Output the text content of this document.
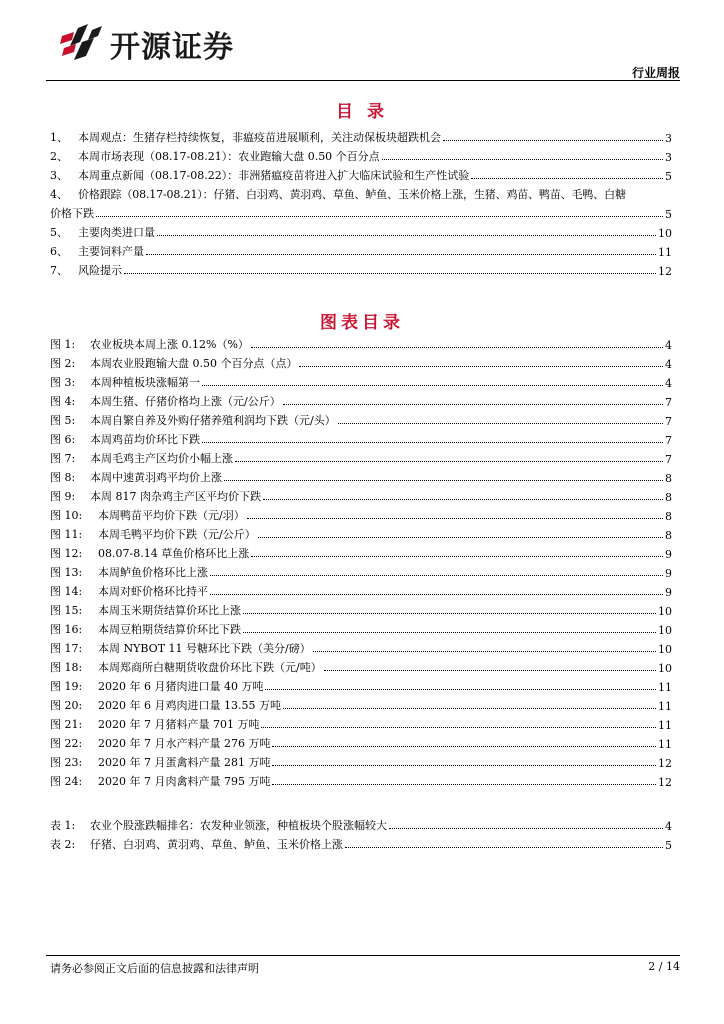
开源证券
行业周报
目 录
1、 本周观点：生猪存栏持续恢复，非瘟疫苗进展顺利，关注动保板块超跌机会	3
2、 本周市场表现（08.17-08.21）：农业跑输大盘 0.50 个百分点	3
3、 本周重点新闻（08.17-08.22）：非洲猪瘟疫苗将进入扩大临床试验和生产性试验	5
4、 价格跟踪（08.17-08.21）：仔猪、白羽鸡、黄羽鸡、草鱼、鲈鱼、玉米价格上涨，生猪、鸡苗、鸭苗、毛鸭、白糖
价格下跌	5
5、 主要肉类进口量	10
6、 主要饲料产量	11
7、 风险提示	12
图表目录
图 1:	农业板块本周上涨 0.12%（%）	4
图 2:	本周农业股跑输大盘 0.50 个百分点（点）	4
图 3:	本周种植板块涨幅第一	4
图 4:	本周生猪、仔猪价格均上涨（元/公斤）	7
图 5:	本周自繁自养及外购仔猪养殖利润均下跌（元/头）	7
图 6:	本周鸡苗均价环比下跌	7
图 7:	本周毛鸡主产区均价小幅上涨	7
图 8:	本周中速黄羽鸡平均价上涨	8
图 9:	本周 817 肉杂鸡主产区平均价下跌	8
图 10:	本周鸭苗平均价下跌（元/羽）	8
图 11:	本周毛鸭平均价下跌（元/公斤）	8
图 12:	08.07-8.14 草鱼价格环比上涨	9
图 13:	本周鲈鱼价格环比上涨	9
图 14:	本周对虾价格环比持平	9
图 15:	本周玉米期货结算价环比上涨	10
图 16:	本周豆粕期货结算价环比下跌	10
图 17:	本周 NYBOT 11 号糖环比下跌（美分/磅）	10
图 18:	本周郑商所白糖期货收盘价环比下跌（元/吨）	10
图 19:	2020 年 6 月猪肉进口量 40 万吨	11
图 20:	2020 年 6 月鸡肉进口量 13.55 万吨	11
图 21:	2020 年 7 月猪料产量 701 万吨	11
图 22:	2020 年 7 月水产料产量 276 万吨	11
图 23:	2020 年 7 月蛋禽料产量 281 万吨	12
图 24:	2020 年 7 月肉禽料产量 795 万吨	12
表 1:	农业个股涨跌幅排名：农发种业领涨，种植板块个股涨幅较大	4
表 2:	仔猪、白羽鸡、黄羽鸡、草鱼、鲈鱼、玉米价格上涨	5
请务必参阅正文后面的信息披露和法律声明	2 / 14
